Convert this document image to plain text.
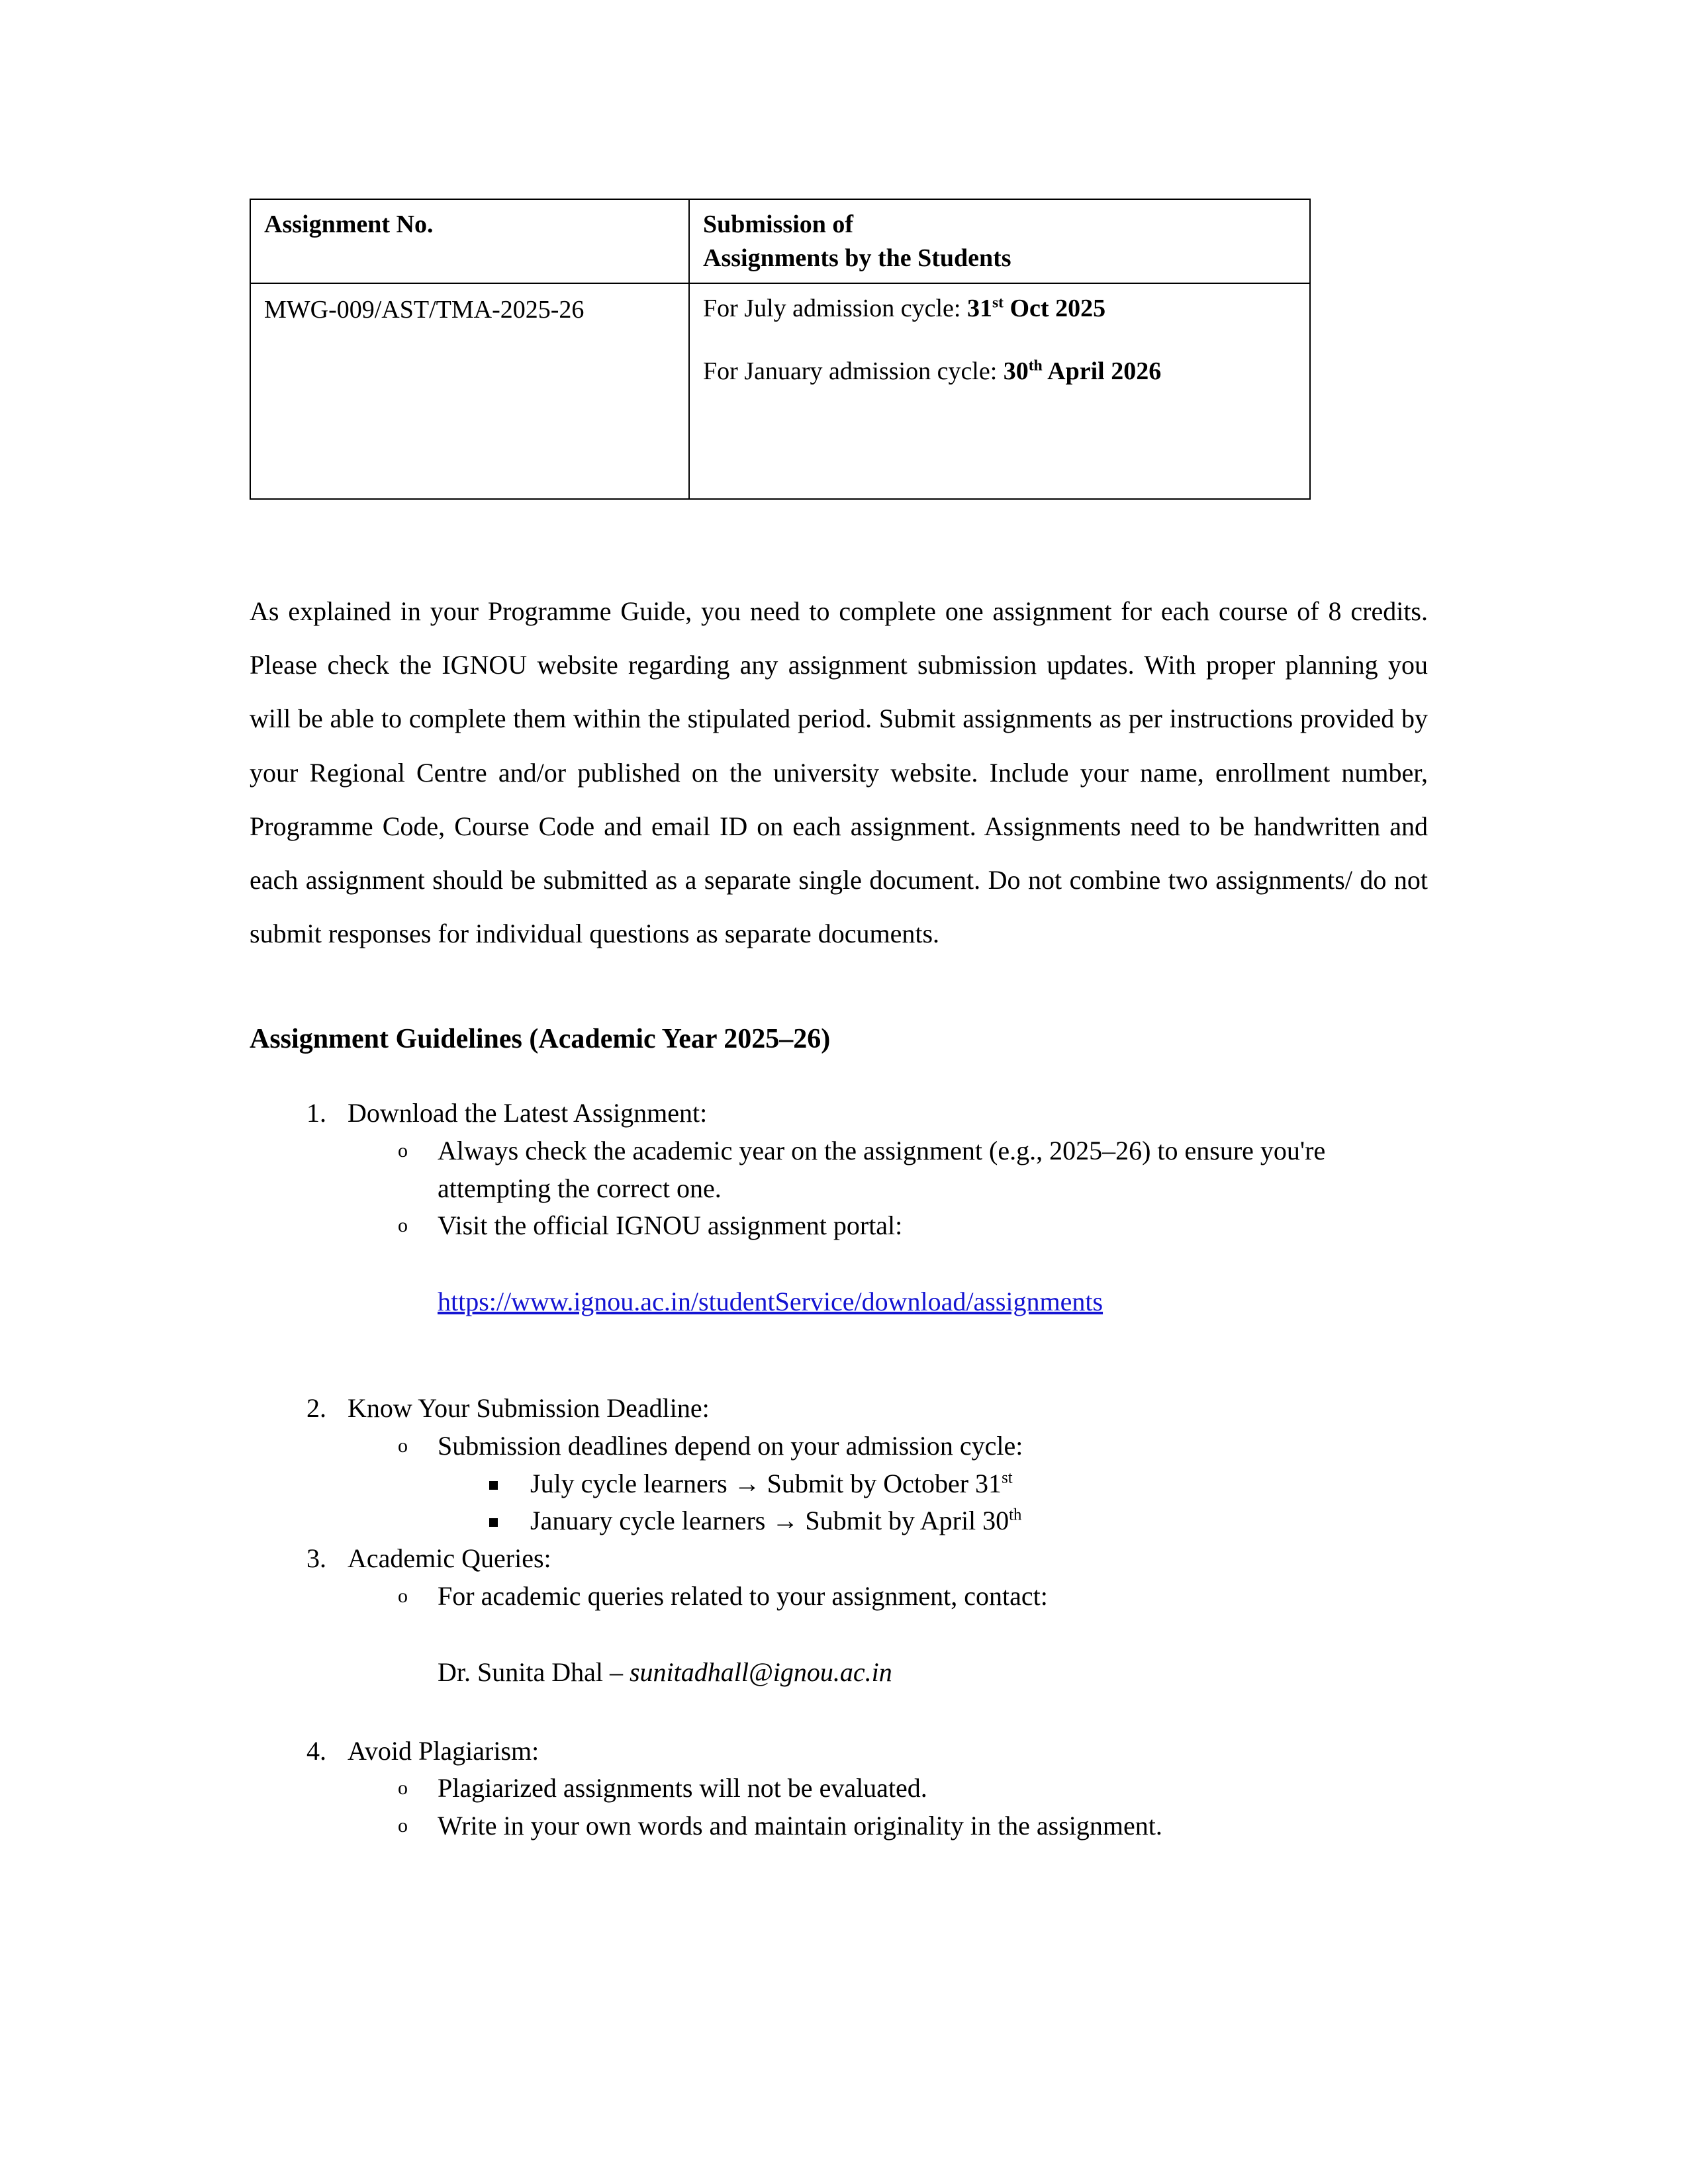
Assignment No.	Submission of
Assignments by the Students

MWG-009/AST/TMA-2025-26	For July admission cycle: 31st Oct 2025
For January admission cycle: 30th April 2026

As explained in your Programme Guide, you need to complete one assignment for each course of 8 credits. Please check the IGNOU website regarding any assignment submission updates. With proper planning you will be able to complete them within the stipulated period. Submit assignments as per instructions provided by your Regional Centre and/or published on the university website. Include your name, enrollment number, Programme Code, Course Code and email ID on each assignment. Assignments need to be handwritten and each assignment should be submitted as a separate single document. Do not combine two assignments/ do not submit responses for individual questions as separate documents.

Assignment Guidelines (Academic Year 2025–26)
Download the Latest Assignment:
o Always check the academic year on the assignment (e.g., 2025–26) to ensure you're attempting the correct one.
o Visit the official IGNOU assignment portal:
https://www.ignou.ac.in/studentService/download/assignments
Know Your Submission Deadline:
o Submission deadlines depend on your admission cycle:
July cycle learners → Submit by October 31st
January cycle learners → Submit by April 30th
Academic Queries:
o For academic queries related to your assignment, contact:
Dr. Sunita Dhal – sunitadhall@ignou.ac.in
Avoid Plagiarism:
o Plagiarized assignments will not be evaluated.
o Write in your own words and maintain originality in the assignment.
